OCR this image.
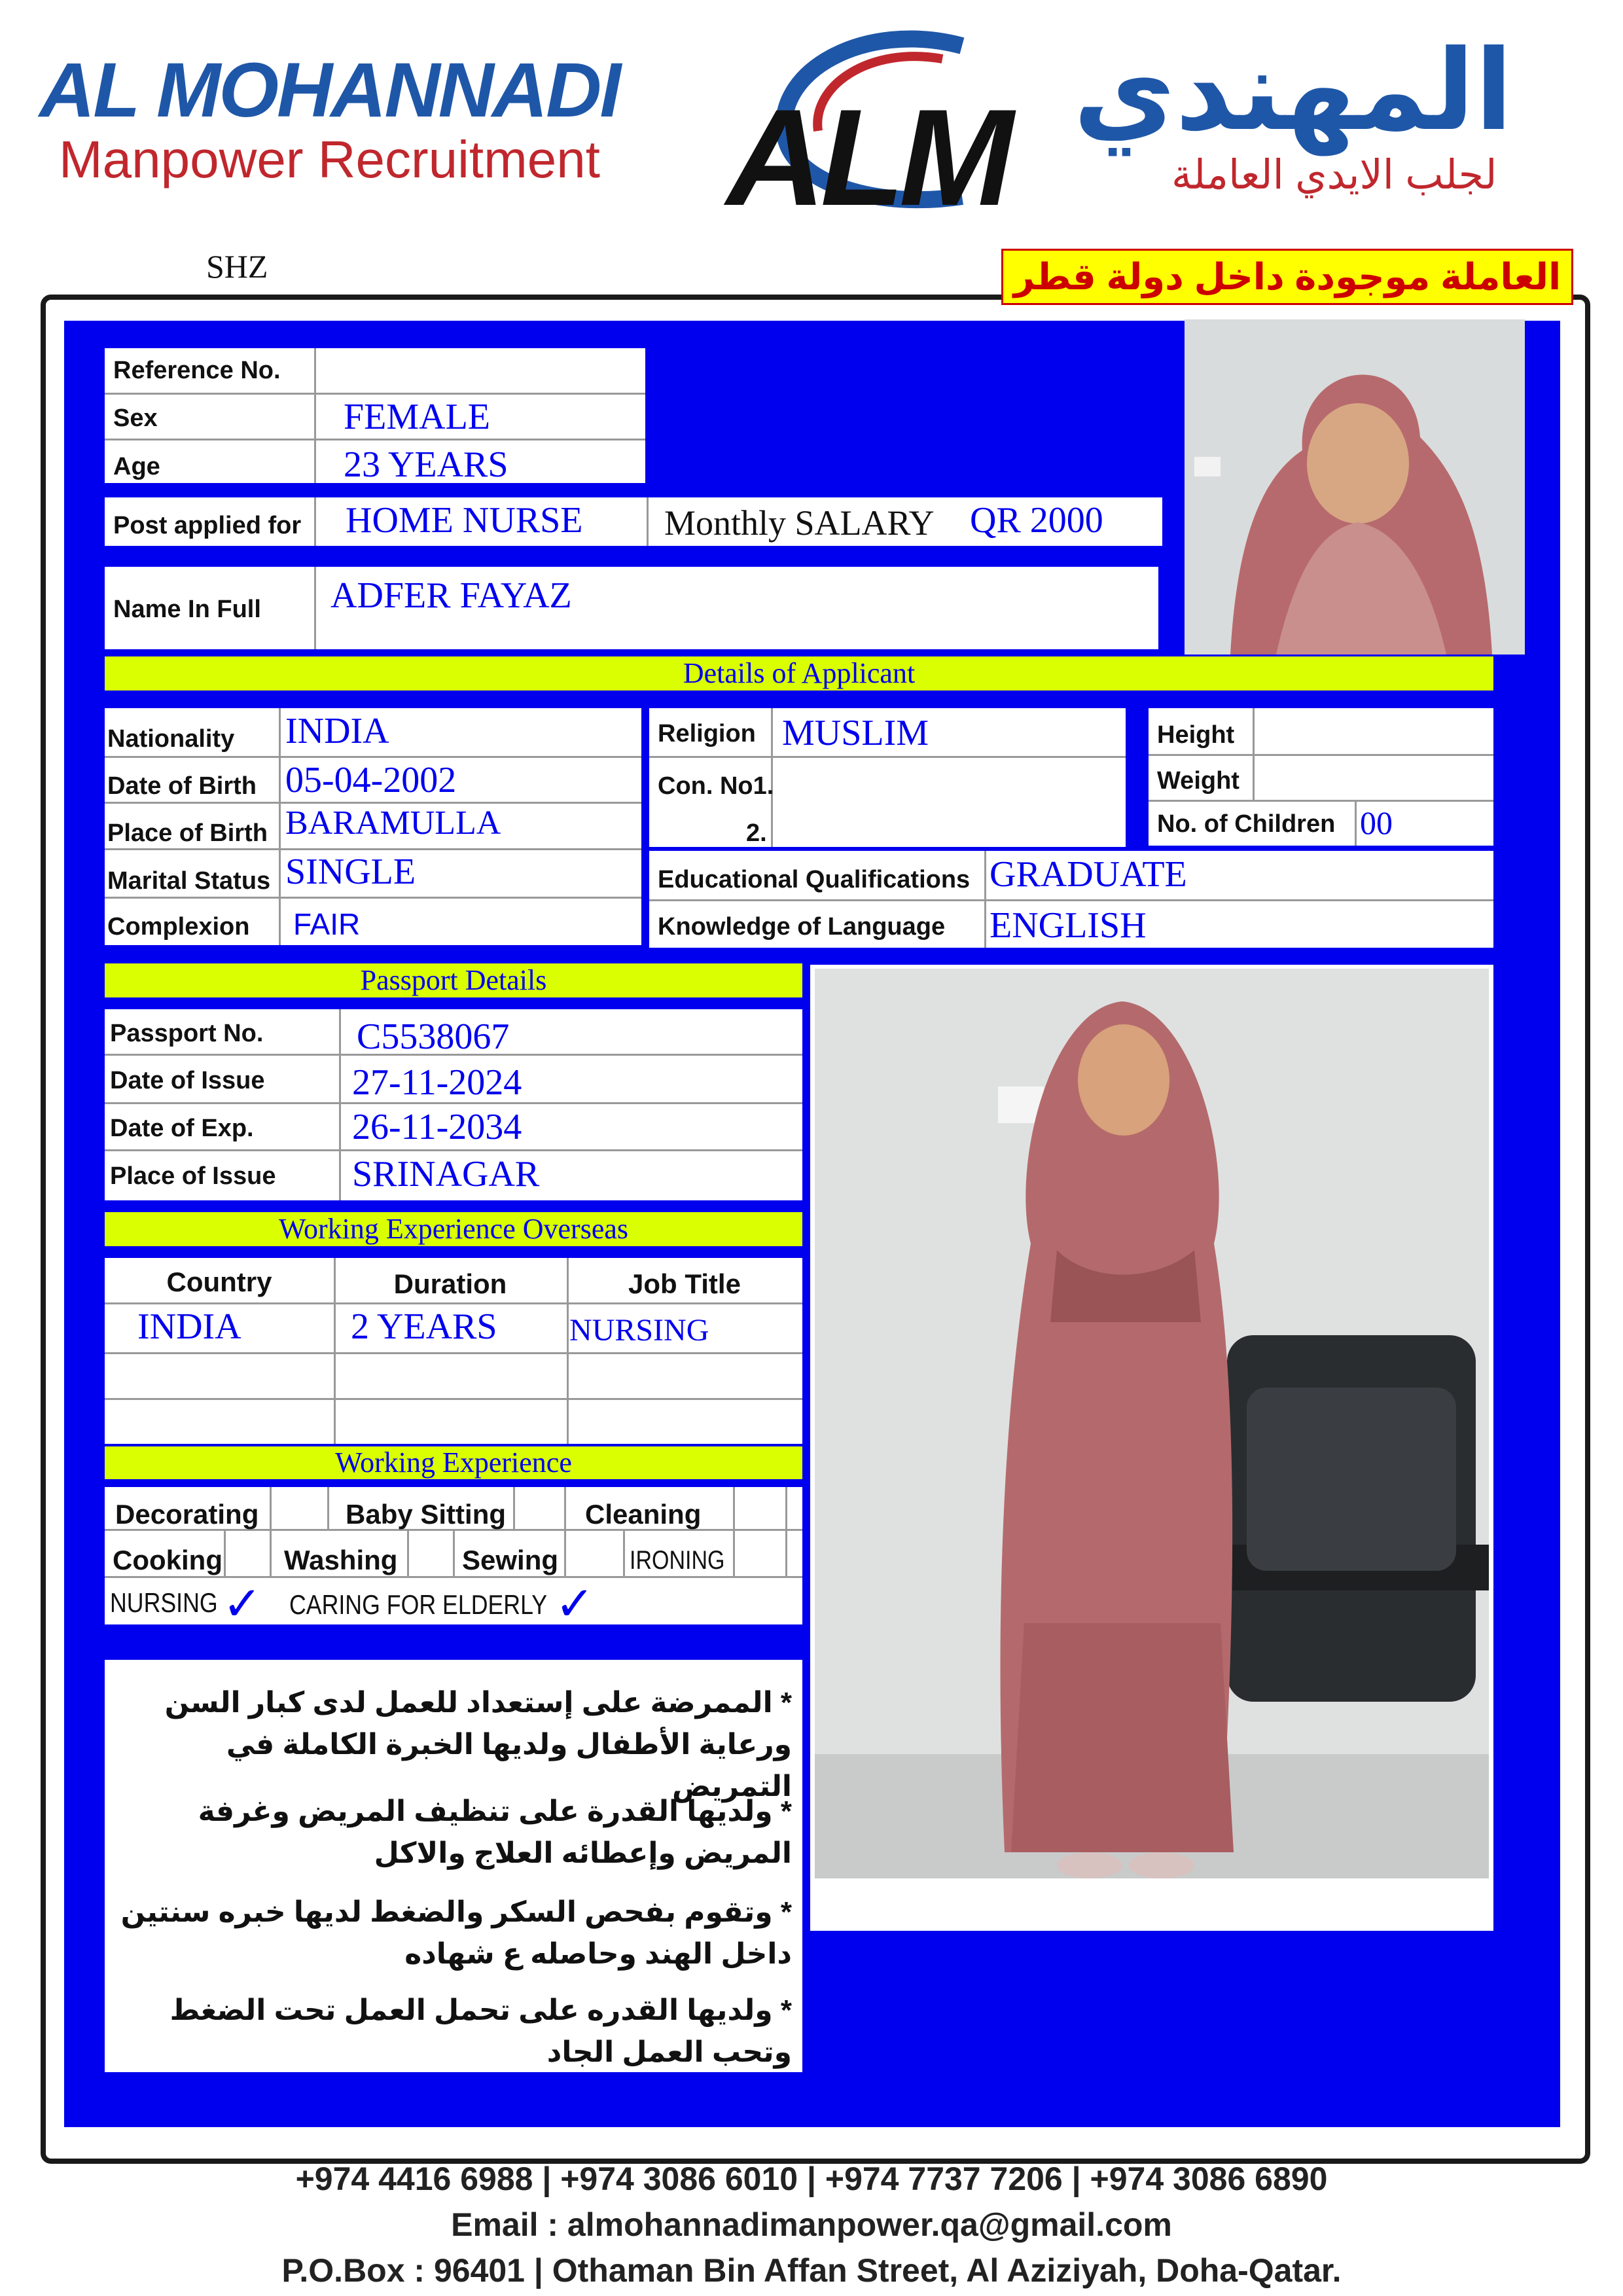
AL MOHANNADI
Manpower Recruitment ALM المهندي
لجلب الايدي العاملة
SHZ	العاملة موجودة داخل دولة قطر
Reference No.
Sex	FEMALE
Age	23 YEARS
Post applied for HOME NURSE Monthly SALARY QR 2000
Name In Full ADFER FAYAZ
Details of Applicant
Nationality INDIA
Date of Birth 05-04-2002
Place of Birth BARAMULLA
Marital Status SINGLE
Complexion FAIR
Religion MUSLIM
Con. No1.
2.
Height
Weight
No. of Children 00
Educational Qualifications GRADUATE
Knowledge of Language ENGLISH
Passport Details
Passport No.	C5538067
Date of Issue 27-11-2024
Date of Exp.	26-11-2034
Place of Issue SRINAGAR
Working Experience Overseas
Country	Duration	Job Title
INDIA	2 YEARS NURSING
Working Experience
Decorating	Baby Sitting	Cleaning
Cooking Washing Sewing	IRONING
NURSING ✓ CARING FOR ELDERLY ✓
* الممرضة على إستعداد للعمل لدى كبار السن ورعاية الأطفال ولديها الخبرة الكاملة في التمريض
* ولديها القدرة على تنظيف المريض وغرفة المريض وإعطائه العلاج والاكل
* وتقوم بفحص السكر والضغط لديها خبره سنتين داخل الهند وحاصله ع شهاده
* ولديها القدره على تحمل العمل تحت الضغط وتحب العمل الجاد
+974 4416 6988 | +974 3086 6010 | +974 7737 7206 | +974 3086 6890
Email : almohannadimanpower.qa@gmail.com
P.O.Box : 96401 | Othaman Bin Affan Street, Al Aziziyah, Doha-Qatar.
